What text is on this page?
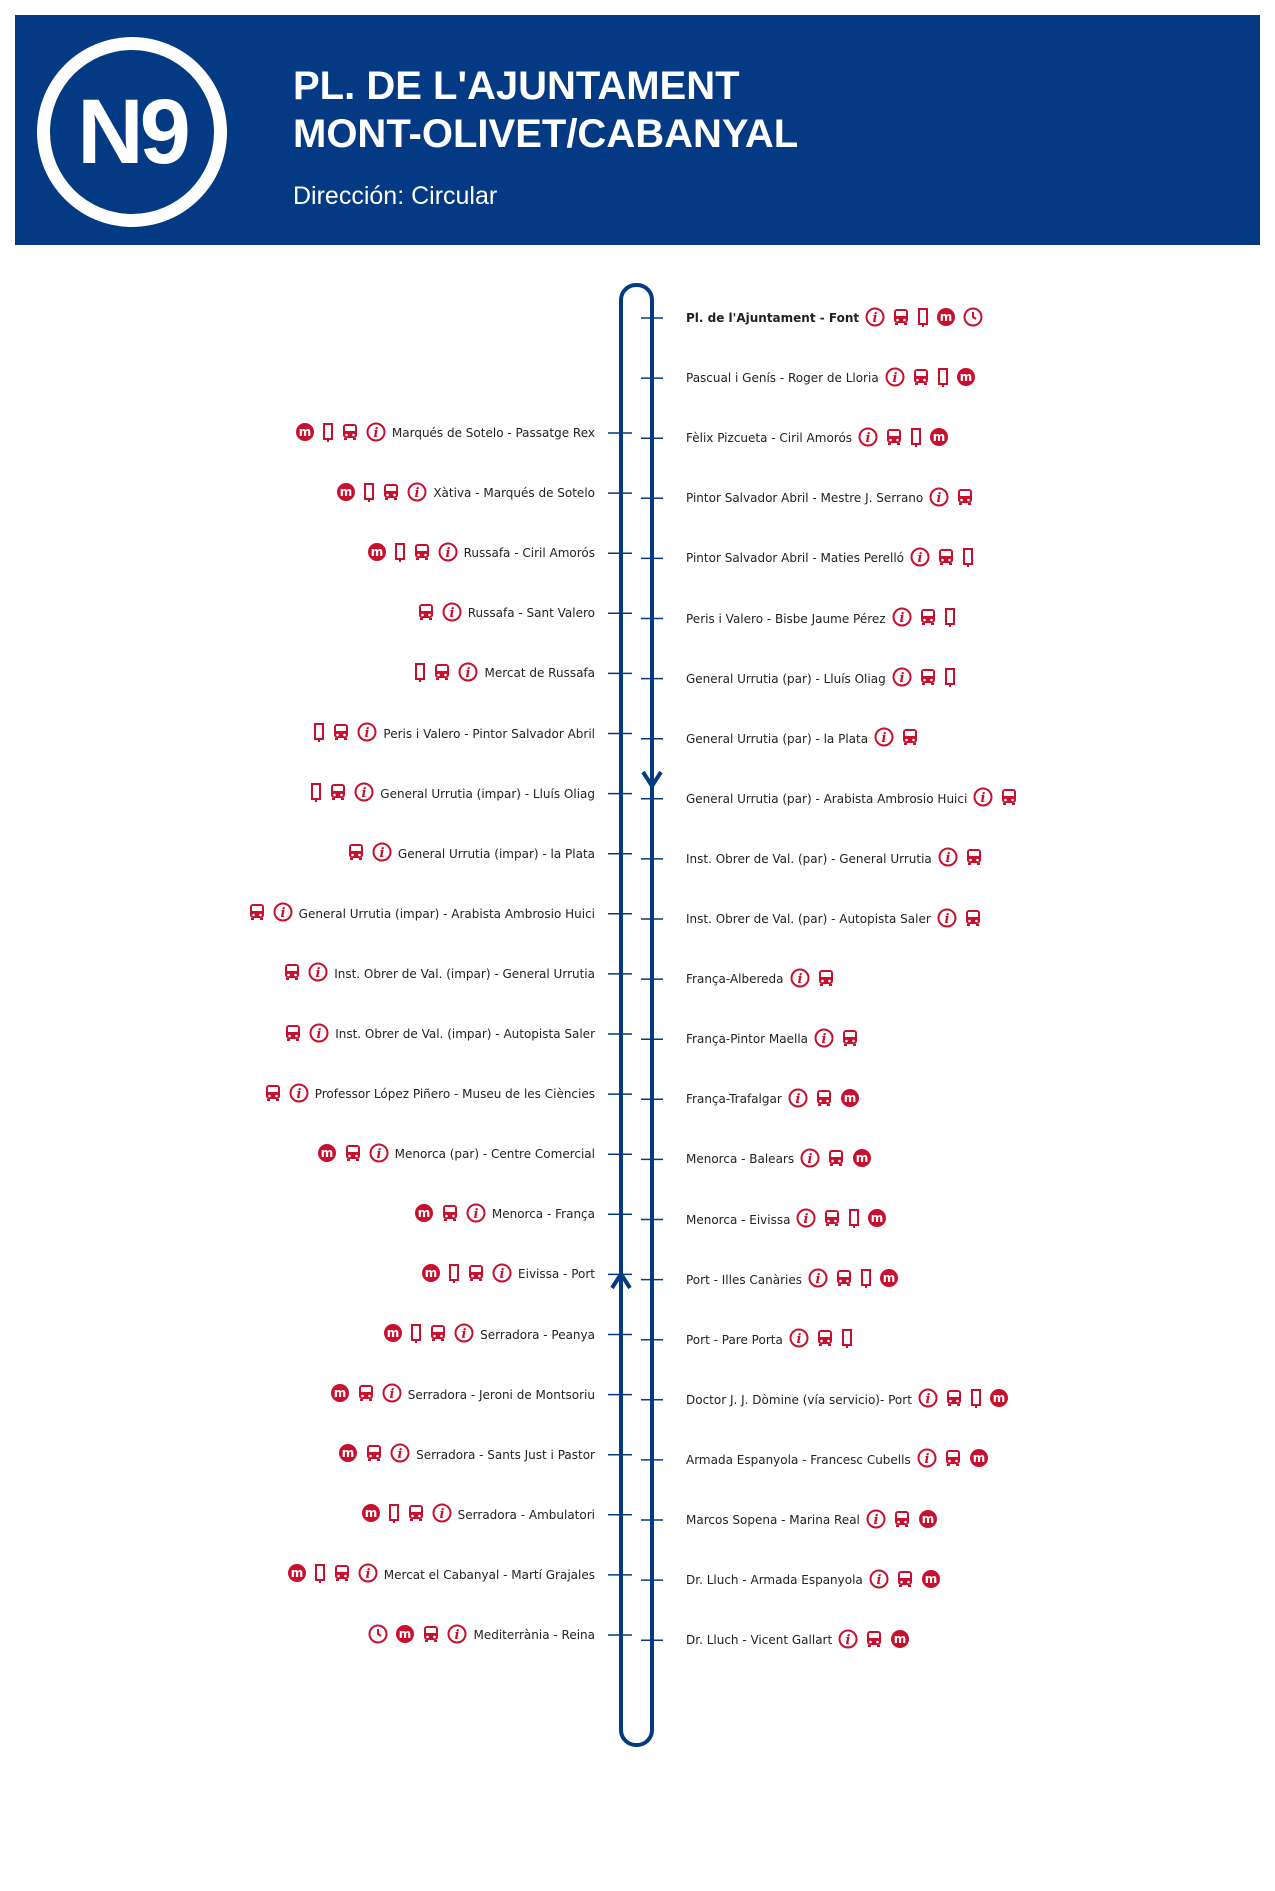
N9	PL. DE L'AJUNTAMENT
MONT-OLIVET/CABANYAL
Dirección: Circular
Pl. de l'Ajuntament - Font i	m
Pascual i Genís - Roger de Lloria i	m
Fèlix Pizcueta - Ciril Amorós i	m
Pintor Salvador Abril - Mestre J. Serrano i
Pintor Salvador Abril - Maties Perelló i
Peris i Valero - Bisbe Jaume Pérez i
General Urrutia (par) - Lluís Oliag i
General Urrutia (par) - la Plata i
General Urrutia (par) - Arabista Ambrosio Huici i
Inst. Obrer de Val. (par) - General Urrutia i
Inst. Obrer de Val. (par) - Autopista Saler i
França-Albereda i
França-Pintor Maella i
França-Trafalgar i	m
Menorca - Balears i	m
Menorca - Eivissa i	m
Port - Illes Canàries i	m
Port - Pare Porta i
Doctor J. J. Dòmine (vía servicio)- Port i	m
Armada Espanyola - Francesc Cubells i	m
Marcos Sopena - Marina Real i	m
Dr. Lluch - Armada Espanyola i	m
Dr. Lluch - Vicent Gallart i	m
Marqués de Sotelo - Passatge Rex
i
m
Xàtiva - Marqués de Sotelo
i
m
Russafa - Ciril Amorós
i
m
Russafa - Sant Valero
i
Mercat de Russafa
i
Peris i Valero - Pintor Salvador Abril
i
General Urrutia (impar) - Lluís Oliag
i
General Urrutia (impar) - la Plata
i
General Urrutia (impar) - Arabista Ambrosio Huici
i
Inst. Obrer de Val. (impar) - General Urrutia
i
Inst. Obrer de Val. (impar) - Autopista Saler
i
Professor López Piñero - Museu de les Ciències
i
Menorca (par) - Centre Comercial
i
m
Menorca - França
i
m
Eivissa - Port
i
m
Serradora - Peanya
i
m
Serradora - Jeroni de Montsoriu
i
m
Serradora - Sants Just i Pastor
i
m
Serradora - Ambulatori
i
m
Mercat el Cabanyal - Martí Grajales
i
m
Mediterrània - Reina
i
m
